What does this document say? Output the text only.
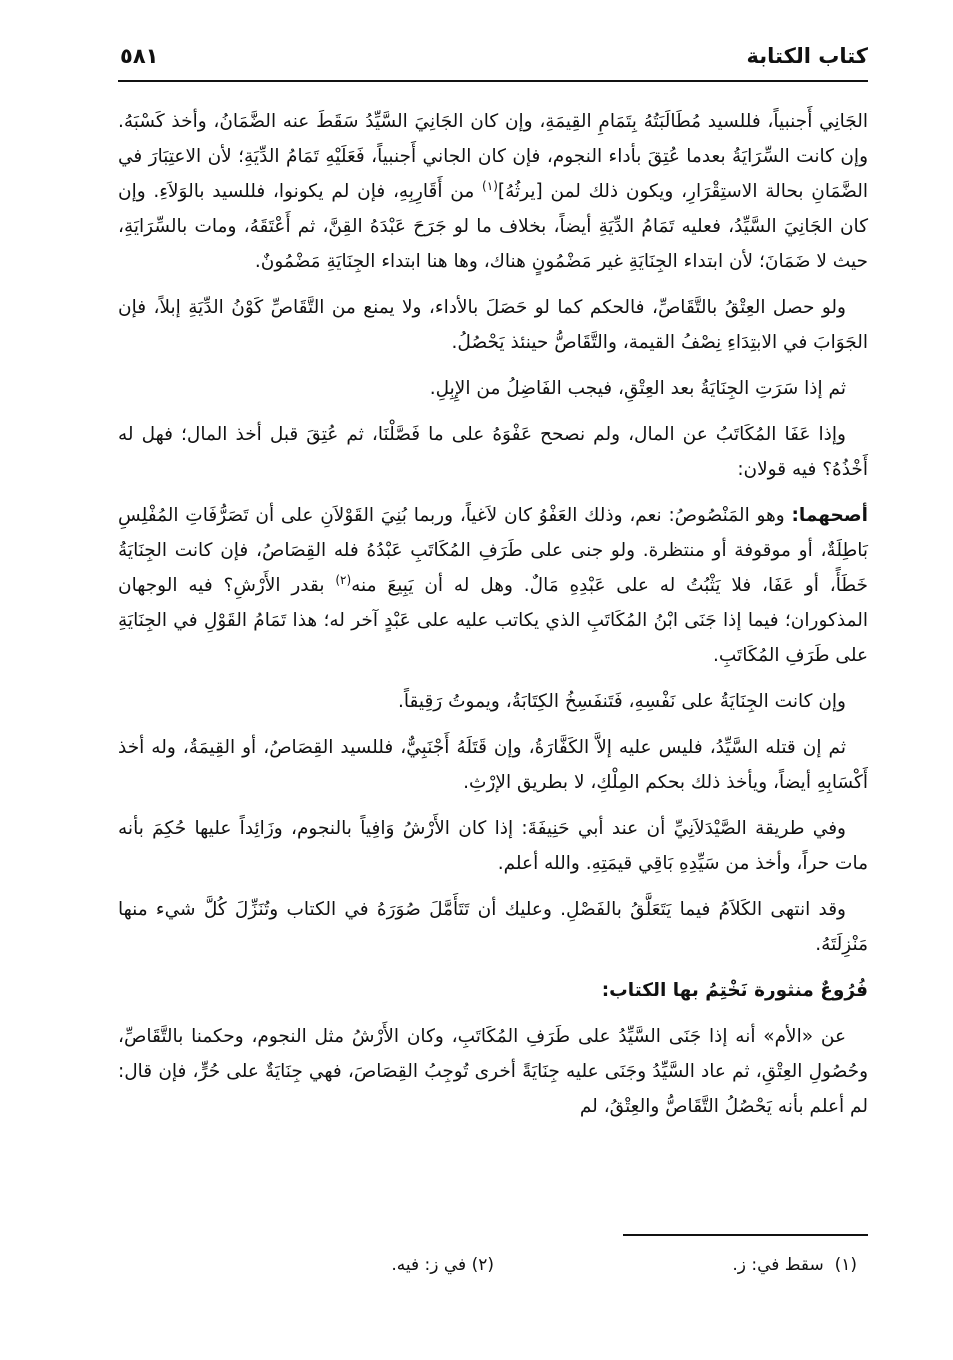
كتاب الكتابة
٥٨١

الجَانِي أَجنبياً، فللسيد مُطَالَبَتُهُ بِتَمَامِ القِيمَةِ، وإن كان الجَانِيَ السَّيِّدُ سَقَطَ عنه الضَّمَانُ، وأخذ كَسْبَهُ. وإن كانت السِّرَايَةُ بعدما عُتِقَ بأداء النجوم، فإن كان الجاني أَجنبياً، فَعَلَيْهِ تَمَامُ الدِّيَةِ؛ لأن الاعتِبَارَ في الضَّمَانِ بحالة الاستِقْرَارِ، ويكون ذلك لمن [يرثُهُ]$^{(١)}$ من أَقَارِبِهِ، فإن لم يكونوا، فللسيد بالوَلاَءِ. وإن كان الجَانِيَ السَّيِّدُ، فعليه تَمَامُ الدِّيَةِ أيضاً، بخلاف ما لو جَرَحَ عَبْدَهُ القِنَّ، ثم أَعْتَقَهُ، ومات بالسِّرَايَةِ، حيث لا ضَمَانَ؛ لأن ابتداء الجِنَايَةِ غير مَضْمُونٍ هناك، وها هنا ابتداء الجِنَايَةِ مَضْمُونٌ.

ولو حصل العِتْقُ بالتَّقَاصِّ، فالحكم كما لو حَصَلَ بالأداء، ولا يمنع من التَّقَاصِّ كَوْنُ الدِّيَةِ إبلاً، فإن الجَوَابَ في الابتِدَاءِ نِصْفُ القيمة، والتَّقَاصُّ حينئذ يَحْصُلُ.

ثم إذا سَرَتِ الجِنَايَةُ بعد العِتْقِ، فيجب الفَاضِلُ من الإِبِلِ.

وإذا عَفَا المُكَاتَبُ عن المال، ولم نصحح عَفْوَهُ على ما فَصَّلْنَا، ثم عُتِقَ قبل أخذ المال؛ فهل له أَخْذُهُ؟ فيه قولان:

أصحهما: وهو المَنْصُوصُ: نعم، وذلك العَفْوُ كان لاَغياً، وربما بُنِيَ القَوْلاَنِ على أن تَصَرُّفَاتِ المُفْلِسِ بَاطِلَةٌ، أو موقوفة أو منتظرة. ولو جنى على طَرَفِ المُكَاتَبِ عَبْدُهُ فله القِصَاصُ، فإن كانت الجِنَايَةُ خَطَأً، أو عَفَا، فلا يَثْبُتُ له على عَبْدِهِ مَالٌ. وهل له أن يَبِيعَ منه$^{(٢)}$ بقدر الأَرْشِ؟ فيه الوجهان المذكوران؛ فيما إذا جَنَى ابْنُ المُكَاتَبِ الذي يكاتب عليه على عَبْدٍ آخر له؛ هذا تَمَامُ القَوْلِ في الجِنَايَةِ على طَرَفِ المُكَاتَبِ.

وإن كانت الجِنَايَةُ على نَفْسِهِ، فَتَنفَسِخُ الكِتَابَةُ، ويموتُ رَقِيقاً.

ثم إن قتله السَّيِّدُ، فليس عليه إلاَّ الكَفَّارَةُ، وإن قَتَلَهُ أَجْنَبِيٌّ، فللسيد القِصَاصُ، أو القِيمَةُ، وله أخذ أَكْسَابِهِ أيضاً، ويأخذ ذلك بحكم المِلْكِ، لا بطريق الإرْثِ.

وفي طريقة الصَّيْدَلاَنِيِّ أن عند أبي حَنِيفَةَ: إذا كان الأَرْشُ وَافِياً بالنجوم، وزَائِداً عليها حُكِمَ بأنه مات حراً، وأخذ من سَيِّدِهِ بَاقِي قيمَتِهِ. والله أعلم.

وقد انتهى الكَلاَمُ فيما يَتَعَلَّقُ بالفَصْلِ. وعليك أن تَتَأَمَّلَ صُوَرَهُ في الكتاب وتُنَزِّلَ كُلَّ شيء منها مَنْزِلَتَهُ.

فُرُوعٌ منثورة نَخْتِمُ بها الكتاب:

عن «الأم» أنه إذا جَنَى السَّيِّدُ على طَرَفِ المُكَاتَبِ، وكان الأَرْشُ مثل النجوم، وحكمنا بالتَّقَاصِّ، وحُصُولِ العِتْقِ، ثم عاد السَّيِّدُ وجَنَى عليه جِنَايَةً أخرى تُوجِبُ القِصَاصَ، فهي جِنَايَةٌ على حُرٍّ، فإن قال: لم أعلم بأنه يَحْصُلُ التَّقَاصُّ والعِتْقُ، لم

(١)  سقط في: ز.
(٢) في ز: فيه.
